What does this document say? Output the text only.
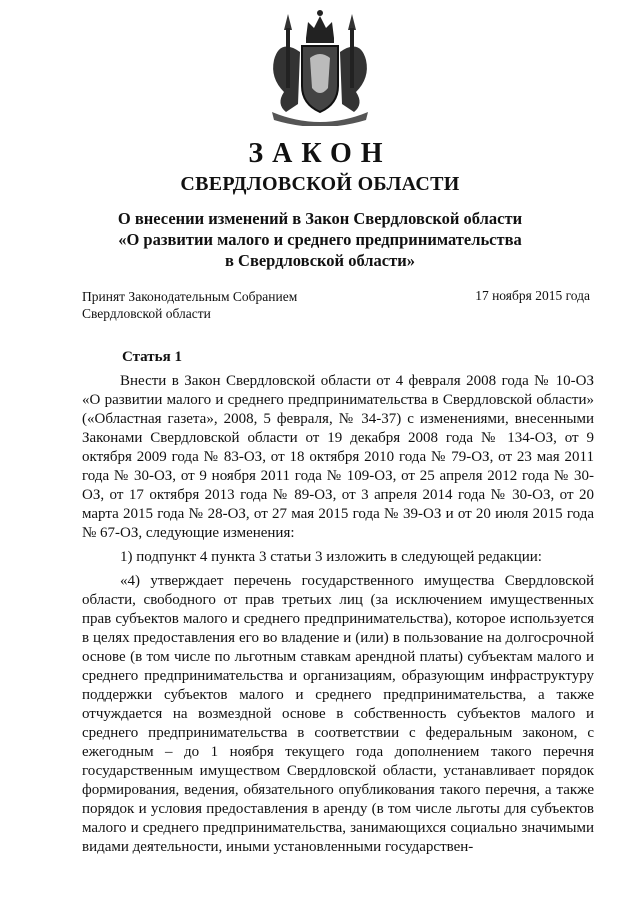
ЗАКОН
СВЕРДЛОВСКОЙ ОБЛАСТИ
О внесении изменений в Закон Свердловской области
«О развитии малого и среднего предпринимательства
в Свердловской области»
Принят Законодательным Собранием
Свердловской области
17 ноября 2015 года
Статья 1

Внести в Закон Свердловской области от 4 февраля 2008 года № 10-ОЗ «О развитии малого и среднего предпринимательства в Свердловской области» («Областная газета», 2008, 5 февраля, № 34-37) с изменениями, внесенными Законами Свердловской области от 19 декабря 2008 года № 134-ОЗ, от 9 октября 2009 года № 83-ОЗ, от 18 октября 2010 года № 79-ОЗ, от 23 мая 2011 года № 30-ОЗ, от 9 ноября 2011 года № 109-ОЗ, от 25 апреля 2012 года № 30-ОЗ, от 17 октября 2013 года № 89-ОЗ, от 3 апреля 2014 года № 30-ОЗ, от 20 марта 2015 года № 28-ОЗ, от 27 мая 2015 года № 39-ОЗ и от 20 июля 2015 года № 67-ОЗ, следующие изменения:

1) подпункт 4 пункта 3 статьи 3 изложить в следующей редакции:

«4) утверждает перечень государственного имущества Свердловской области, свободного от прав третьих лиц (за исключением имущественных прав субъектов малого и среднего предпринимательства), которое используется в целях предоставления его во владение и (или) в пользование на долгосрочной основе (в том числе по льготным ставкам арендной платы) субъектам малого и среднего предпринимательства и организациям, образующим инфраструктуру поддержки субъектов малого и среднего предпринимательства, а также отчуждается на возмездной основе в собственность субъектов малого и среднего предпринимательства в соответствии с федеральным законом, с ежегодным – до 1 ноября текущего года дополнением такого перечня государственным имуществом Свердловской области, устанавливает порядок формирования, ведения, обязательного опубликования такого перечня, а также порядок и условия предоставления в аренду (в том числе льготы для субъектов малого и среднего предпринимательства, занимающихся социально значимыми видами деятельности, иными установленными государствен-
